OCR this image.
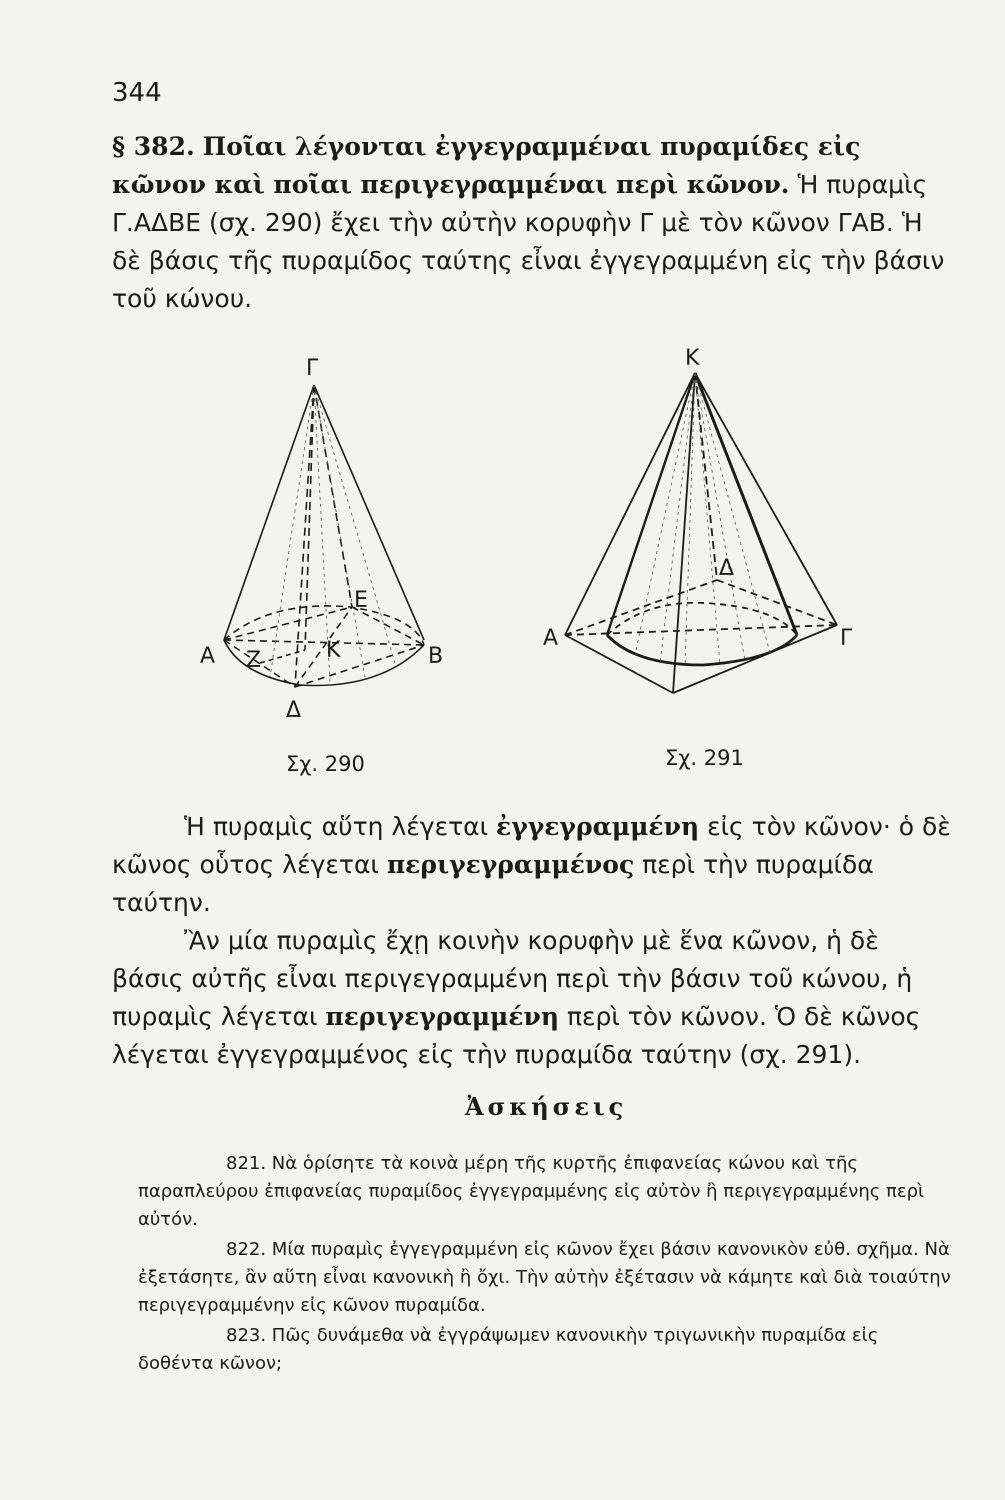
344
§ 382. Ποῖαι λέγονται ἐγγεγραμμέναι πυραμίδες εἰς κῶνον καὶ ποῖαι περιγεγραμμέναι περὶ κῶνον. Ἡ πυραμὶς Γ.ΑΔΒΕ (σχ. 290) ἔχει τὴν αὐτὴν κορυφὴν Γ μὲ τὸν κῶνον ΓΑΒ. Ἡ δὲ βάσις τῆς πυραμίδος ταύτης εἶναι ἐγγεγραμμένη εἰς τὴν βάσιν τοῦ κώνου.
Γ
Α	Β
Δ
Ε
Κ
Ζ
Σχ. 290
Κ
Α	Γ
Δ
Σχ. 291
Ἡ πυραμὶς αὕτη λέγεται ἐγγεγραμμένη εἰς τὸν κῶνον· ὁ δὲ κῶνος οὗτος λέγεται περιγεγραμμένος περὶ τὴν πυραμίδα ταύτην.
Ἂν μία πυραμὶς ἔχῃ κοινὴν κορυφὴν μὲ ἕνα κῶνον, ἡ δὲ βάσις αὐτῆς εἶναι περιγεγραμμένη περὶ τὴν βάσιν τοῦ κώνου, ἡ πυραμὶς λέγεται περιγεγραμμένη περὶ τὸν κῶνον. Ὁ δὲ κῶνος λέγεται ἐγγεγραμμένος εἰς τὴν πυραμίδα ταύτην (σχ. 291).
Ἀσκήσεις
821. Νὰ ὁρίσητε τὰ κοινὰ μέρη τῆς κυρτῆς ἐπιφανείας κώνου καὶ τῆς παραπλεύρου ἐπιφανείας πυραμίδος ἐγγεγραμμένης εἰς αὐτὸν ἢ περιγεγραμμένης περὶ αὐτόν.
822. Μία πυραμὶς ἐγγεγραμμένη εἰς κῶνον ἔχει βάσιν κανονικὸν εὐθ. σχῆμα. Νὰ ἐξετάσητε, ἂν αὕτη εἶναι κανονικὴ ἢ ὄχι. Τὴν αὐτὴν ἐξέτασιν νὰ κάμητε καὶ διὰ τοιαύτην περιγεγραμμένην εἰς κῶνον πυραμίδα.
823. Πῶς δυνάμεθα νὰ ἐγγράψωμεν κανονικὴν τριγωνικὴν πυραμίδα εἰς δοθέντα κῶνον;
